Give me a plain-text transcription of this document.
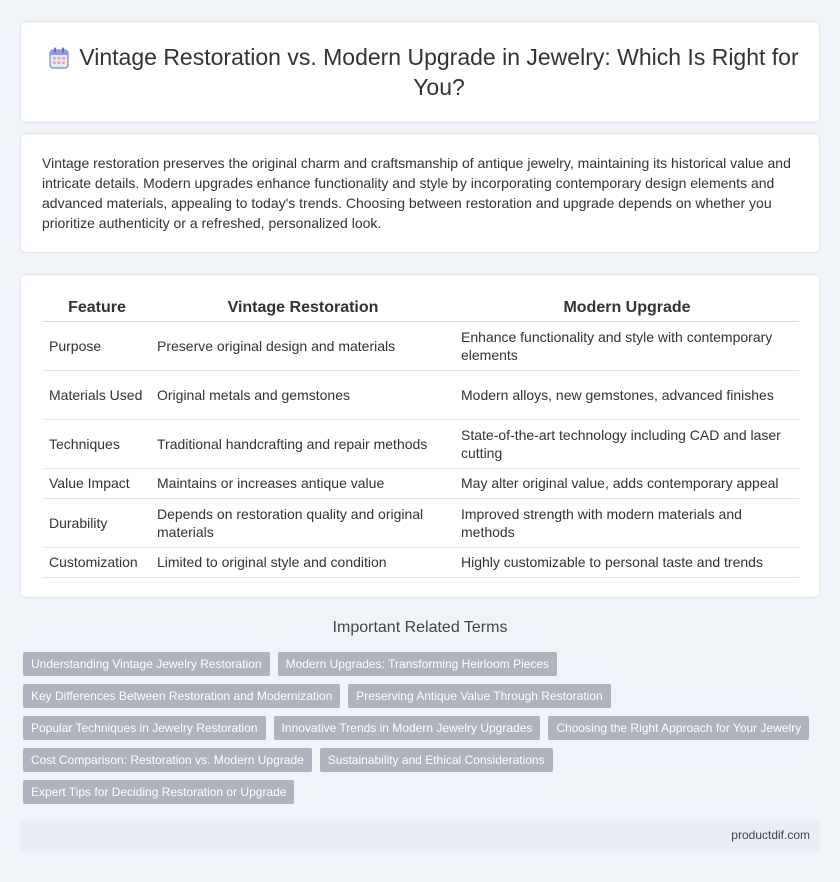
Vintage Restoration vs. Modern Upgrade in Jewelry: Which Is Right for You?

Vintage restoration preserves the original charm and craftsmanship of antique jewelry, maintaining its historical value and intricate details. Modern upgrades enhance functionality and style by incorporating contemporary design elements and advanced materials, appealing to today's trends. Choosing between restoration and upgrade depends on whether you prioritize authenticity or a refreshed, personalized look.

Feature	Vintage Restoration	Modern Upgrade
Purpose	Preserve original design and materials	Enhance functionality and style with contemporary elements
Materials Used	Original metals and gemstones	Modern alloys, new gemstones, advanced finishes
Techniques	Traditional handcrafting and repair methods	State-of-the-art technology including CAD and laser cutting
Value Impact	Maintains or increases antique value	May alter original value, adds contemporary appeal
Durability	Depends on restoration quality and original materials	Improved strength with modern materials and methods
Customization	Limited to original style and condition	Highly customizable to personal taste and trends
Important Related Terms
Understanding Vintage Jewelry Restoration	Modern Upgrades: Transforming Heirloom Pieces
Key Differences Between Restoration and Modernization	Preserving Antique Value Through Restoration
Popular Techniques in Jewelry Restoration	Innovative Trends in Modern Jewelry Upgrades	Choosing the Right Approach for Your Jewelry
Cost Comparison: Restoration vs. Modern Upgrade	Sustainability and Ethical Considerations
Expert Tips for Deciding Restoration or Upgrade
productdif.com
